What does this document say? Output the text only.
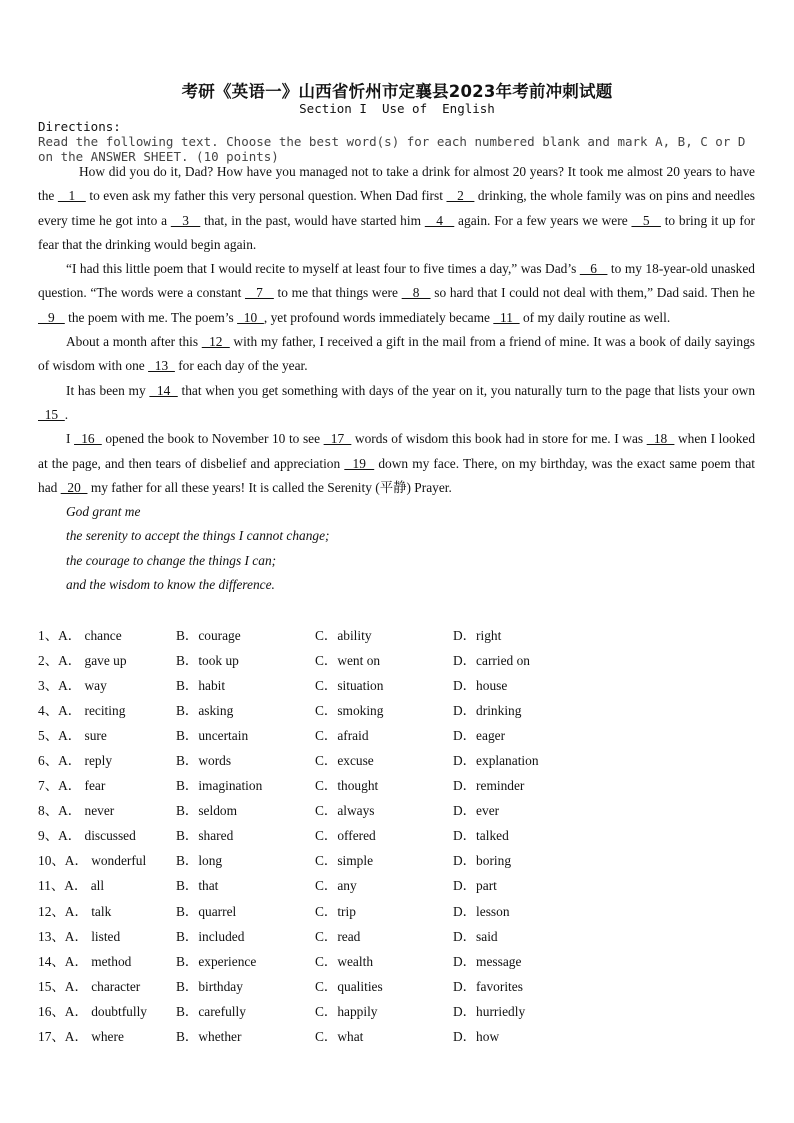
考研《英语一》山西省忻州市定襄县2023年考前冲刺试题
Section I  Use of  English
Directions:
Read the following text. Choose the best word(s) for each numbered blank and mark A, B, C or D on the ANSWER SHEET. (10 points)

How did you do it, Dad? How have you managed not to take a drink for almost 20 years? It took me almost 20 years to have the    1    to even ask my father this very personal question. When Dad first    2    drinking, the whole family was on pins and needles every time he got into a    3    that, in the past, would have started him    4    again. For a few years we were    5    to bring it up for fear that the drinking would begin again.

“I had this little poem that I would recite to myself at least four to five times a day,” was Dad’s    6    to my 18-year-old unasked question. “The words were a constant    7    to me that things were    8    so hard that I could not deal with them,” Dad said. Then he    9    the poem with me. The poem’s   10  , yet profound words immediately became   11   of my daily routine as well.

About a month after this   12   with my father, I received a gift in the mail from a friend of mine. It was a book of daily sayings of wisdom with one   13   for each day of the year.

It has been my   14   that when you get something with days of the year on it, you naturally turn to the page that lists your own   15  .

I   16   opened the book to November 10 to see   17   words of wisdom this book had in store for me. I was   18   when I looked at the page, and then tears of disbelief and appreciation   19   down my face. There, on my birthday, was the exact same poem that had   20   my father for all these years! It is called the Serenity (平静) Prayer.

God grant me

the serenity to accept the things I cannot change;

the courage to change the things I can;

and the wisdom to know the difference.

1、A． chance	B．courage	C．ability	D．right
2、A． gave up	B．took up	C．went on	D．carried on
3、A． way	B．habit	C．situation	D．house
4、A． reciting	B．asking	C．smoking	D．drinking
5、A． sure	B．uncertain	C．afraid	D．eager
6、A． reply	B．words	C．excuse	D．explanation
7、A． fear	B．imagination	C．thought	D．reminder
8、A． never	B．seldom	C．always	D．ever
9、A． discussed	B．shared	C．offered	D．talked
10、A． wonderful B．long	C．simple	D．boring
11、A． all	B．that	C．any	D．part
12、A． talk	B．quarrel	C．trip	D．lesson
13、A． listed	B．included	C．read	D．said
14、A． method	B．experience	C．wealth	D．message
15、A． character	B．birthday	C．qualities	D．favorites
16、A． doubtfully B．carefully	C．happily	D．hurriedly
17、A． where	B．whether	C．what	D．how
